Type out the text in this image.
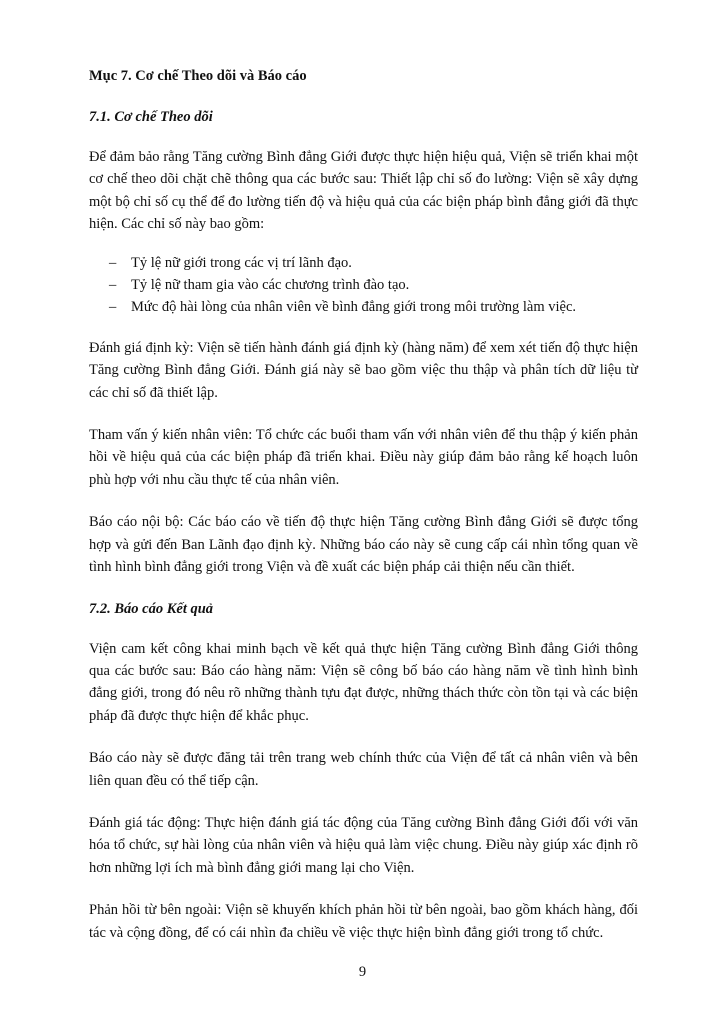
Mục 7. Cơ chế Theo dõi và Báo cáo
7.1. Cơ chế Theo dõi

Để đảm bảo rằng Tăng cường Bình đẳng Giới được thực hiện hiệu quả, Viện sẽ triển khai một cơ chế theo dõi chặt chẽ thông qua các bước sau: Thiết lập chỉ số đo lường: Viện sẽ xây dựng một bộ chỉ số cụ thể để đo lường tiến độ và hiệu quả của các biện pháp bình đẳng giới đã thực hiện. Các chỉ số này bao gồm:

– Tỷ lệ nữ giới trong các vị trí lãnh đạo.
– Tỷ lệ nữ tham gia vào các chương trình đào tạo.
– Mức độ hài lòng của nhân viên về bình đẳng giới trong môi trường làm việc.

Đánh giá định kỳ: Viện sẽ tiến hành đánh giá định kỳ (hàng năm) để xem xét tiến độ thực hiện Tăng cường Bình đẳng Giới. Đánh giá này sẽ bao gồm việc thu thập và phân tích dữ liệu từ các chỉ số đã thiết lập.

Tham vấn ý kiến nhân viên: Tổ chức các buổi tham vấn với nhân viên để thu thập ý kiến phản hồi về hiệu quả của các biện pháp đã triển khai. Điều này giúp đảm bảo rằng kế hoạch luôn phù hợp với nhu cầu thực tế của nhân viên.

Báo cáo nội bộ: Các báo cáo về tiến độ thực hiện Tăng cường Bình đẳng Giới sẽ được tổng hợp và gửi đến Ban Lãnh đạo định kỳ. Những báo cáo này sẽ cung cấp cái nhìn tổng quan về tình hình bình đẳng giới trong Viện và đề xuất các biện pháp cải thiện nếu cần thiết.

7.2. Báo cáo Kết quả

Viện cam kết công khai minh bạch về kết quả thực hiện Tăng cường Bình đẳng Giới thông qua các bước sau: Báo cáo hàng năm: Viện sẽ công bố báo cáo hàng năm về tình hình bình đẳng giới, trong đó nêu rõ những thành tựu đạt được, những thách thức còn tồn tại và các biện pháp đã được thực hiện để khắc phục.

Báo cáo này sẽ được đăng tải trên trang web chính thức của Viện để tất cả nhân viên và bên liên quan đều có thể tiếp cận.

Đánh giá tác động: Thực hiện đánh giá tác động của Tăng cường Bình đẳng Giới đối với văn hóa tổ chức, sự hài lòng của nhân viên và hiệu quả làm việc chung. Điều này giúp xác định rõ hơn những lợi ích mà bình đẳng giới mang lại cho Viện.

Phản hồi từ bên ngoài: Viện sẽ khuyến khích phản hồi từ bên ngoài, bao gồm khách hàng, đối tác và cộng đồng, để có cái nhìn đa chiều về việc thực hiện bình đẳng giới trong tổ chức.

9
